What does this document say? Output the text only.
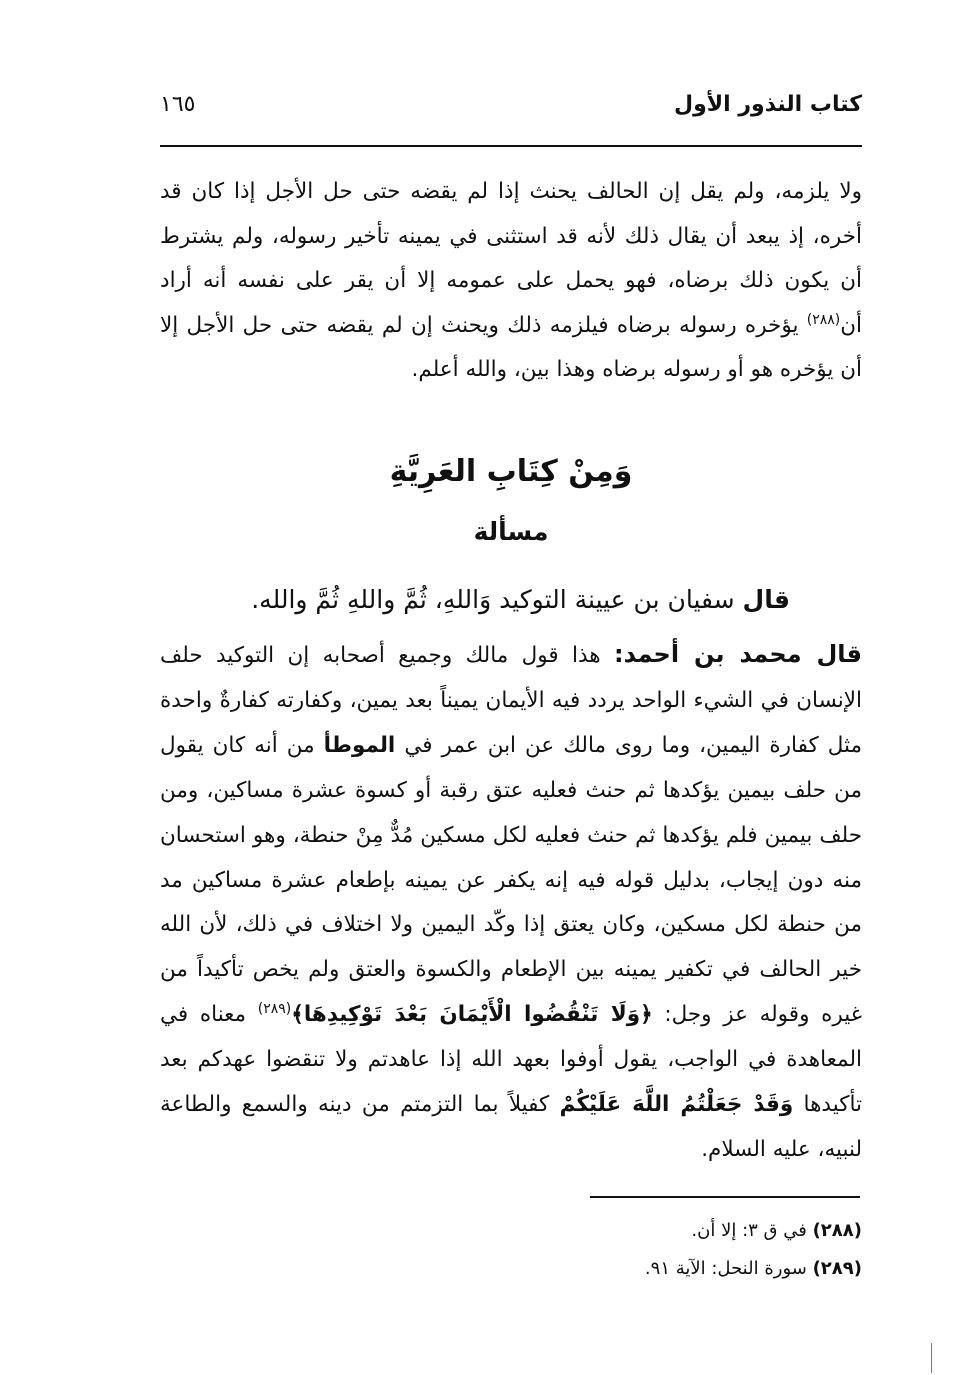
كتاب النذور الأول
١٦٥
ولا يلزمه، ولم يقل إن الحالف يحنث إذا لم يقضه حتى حل الأجل إذا كان قد أخره، إذ يبعد أن يقال ذلك لأنه قد استثنى في يمينه تأخير رسوله، ولم يشترط أن يكون ذلك برضاه، فهو يحمل على عمومه إلا أن يقر على نفسه أنه أراد أن$^{(٢٨٨)}$ يؤخره رسوله برضاه فيلزمه ذلك ويحنث إن لم يقضه حتى حل الأجل إلا أن يؤخره هو أو رسوله برضاه وهذا بين، والله أعلم.
وَمِنْ كِتَابِ العَرِيَّةِ
مسألة
قال سفيان بن عيينة التوكيد وَاللهِ، ثُمَّ واللهِ ثُمَّ والله.
قال محمد بن أحمد: هذا قول مالك وجميع أصحابه إن التوكيد حلف الإنسان في الشيء الواحد يردد فيه الأيمان يميناً بعد يمين، وكفارته كفارةٌ واحدة مثل كفارة اليمين، وما روى مالك عن ابن عمر في الموطأ من أنه كان يقول من حلف بيمين يؤكدها ثم حنث فعليه عتق رقبة أو كسوة عشرة مساكين، ومن حلف بيمين فلم يؤكدها ثم حنث فعليه لكل مسكين مُدٌّ مِنْ حنطة، وهو استحسان منه دون إيجاب، بدليل قوله فيه إنه يكفر عن يمينه بإطعام عشرة مساكين مد من حنطة لكل مسكين، وكان يعتق إذا وكّد اليمين ولا اختلاف في ذلك، لأن الله خير الحالف في تكفير يمينه بين الإطعام والكسوة والعتق ولم يخص تأكيداً من غيره وقوله عز وجل: ﴿وَلَا تَنْقُضُوا الْأَيْمَانَ بَعْدَ تَوْكِيدِهَا﴾$^{(٢٨٩)}$ معناه في المعاهدة في الواجب، يقول أوفوا بعهد الله إذا عاهدتم ولا تنقضوا عهدكم بعد تأكيدها وَقَدْ جَعَلْتُمُ اللَّهَ عَلَيْكُمْ كفيلاً بما التزمتم من دينه والسمع والطاعة لنبيه، عليه السلام.
(٢٨٨) في ق ٣: إلا أن.
(٢٨٩) سورة النحل: الآية ٩١.
